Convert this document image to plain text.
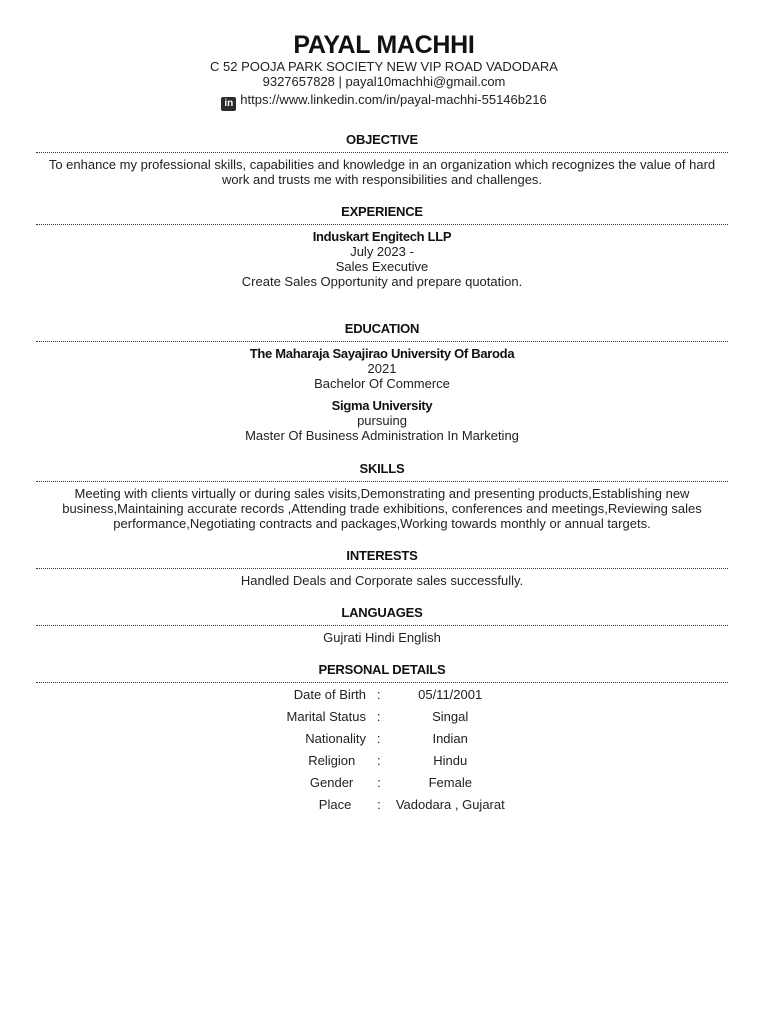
PAYAL MACHHI

C 52 POOJA PARK SOCIETY NEW VIP ROAD VADODARA

9327657828 | payal10machhi@gmail.com

in https://www.linkedin.com/in/payal-machhi-55146b216
OBJECTIVE
To enhance my professional skills, capabilities and knowledge in an organization which recognizes the value of hard work and trusts me with responsibilities and challenges.
EXPERIENCE
Induskart Engitech LLP
July 2023 -
Sales Executive
Create Sales Opportunity and prepare quotation.
EDUCATION
The Maharaja Sayajirao University Of Baroda
2021
Bachelor Of Commerce
Sigma University
pursuing
Master Of Business Administration In Marketing
SKILLS
Meeting with clients virtually or during sales visits,Demonstrating and presenting products,Establishing new business,Maintaining accurate records ,Attending trade exhibitions, conferences and meetings,Reviewing sales performance,Negotiating contracts and packages,Working towards monthly or annual targets.
INTERESTS
Handled Deals and Corporate sales successfully.
LANGUAGES
Gujrati Hindi English
PERSONAL DETAILS
Date of Birth :	05/11/2001
Marital Status :	Singal
Nationality :	Indian
Religion	:	Hindu
Gender	:	Female
Place	:	Vadodara , Gujarat
